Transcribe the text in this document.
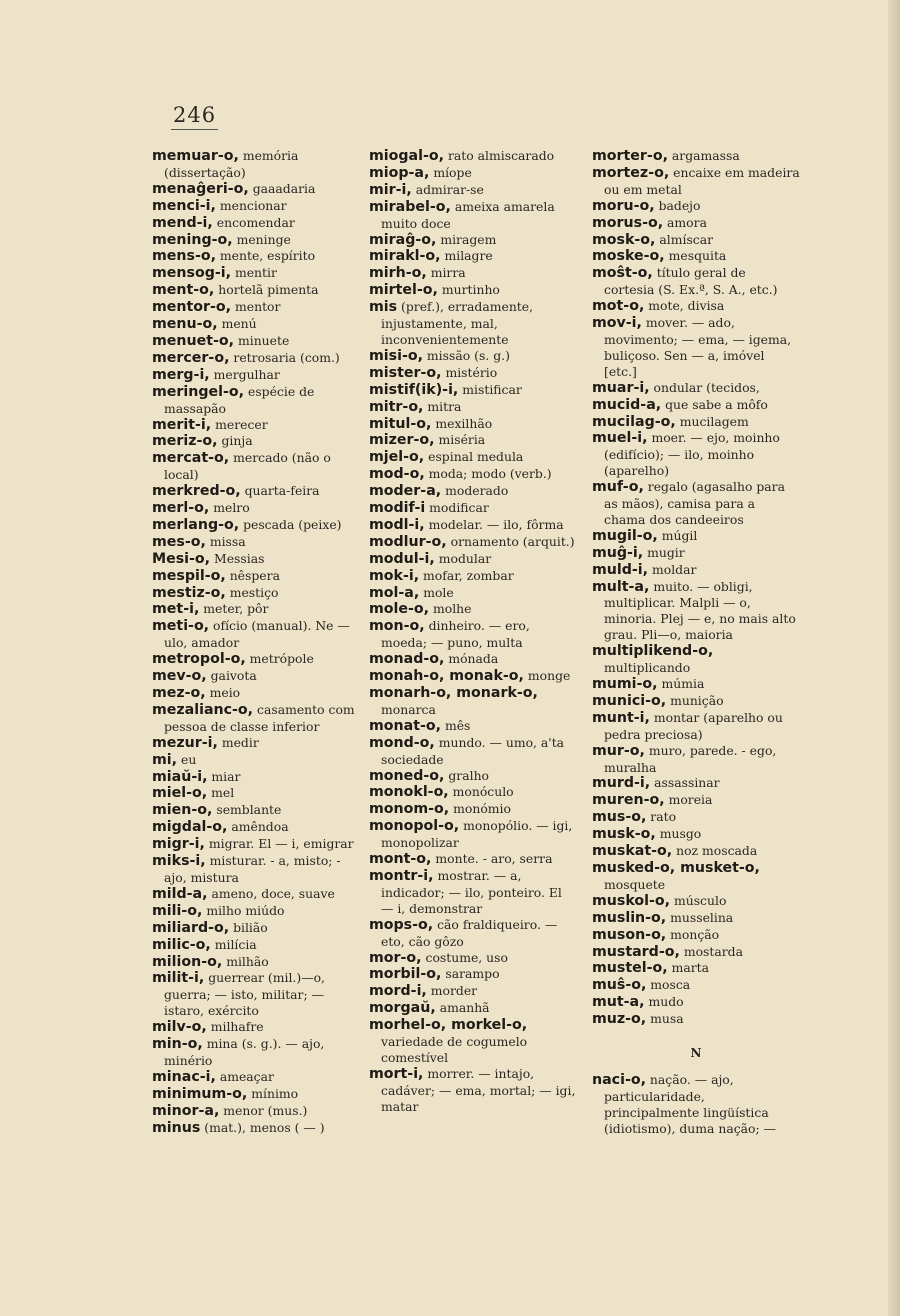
246

memuar-o, memória (dissertação)

menaĝeri-o, gaaadaria

menci-i, mencionar

mend-i, encomendar

mening-o, meninge

mens-o, mente, espírito

mensog-i, mentir

ment-o, hortelã pimenta

mentor-o, mentor

menu-o, menú

menuet-o, minuete

mercer-o, retrosaria (com.)

merg-i, mergulhar

meringel-o, espécie de massapão

merit-i, merecer

meriz-o, ginja

mercat-o, mercado (não o local)

merkred-o, quarta-feira

merl-o, melro

merlang-o, pescada (peixe)

mes-o, missa

Mesi-o, Messias

mespil-o, nêspera

mestiz-o, mestiço

met-i, meter, pôr

meti-o, ofício (manual). Ne — ulo, amador

metropol-o, metrópole

mev-o, gaivota

mez-o, meio

mezalianc-o, casamento com pessoa de classe inferior

mezur-i, medir

mi, eu

miaŭ-i, miar

miel-o, mel

mien-o, semblante

migdal-o, amêndoa

migr-i, migrar. El — i, emigrar

miks-i, misturar. - a, misto; - ajo, mistura

mild-a, ameno, doce, suave

mili-o, milho miúdo

miliard-o, bilião

milic-o, milícia

milion-o, milhão

milit-i, guerrear (mil.)—o, guerra; — isto, militar; — istaro, exército

milv-o, milhafre

min-o, mina (s. g.). — ajo, minério

minac-i, ameaçar

minimum-o, mínimo

minor-a, menor (mus.)

minus (mat.), menos ( — )

miogal-o, rato almiscarado

miop-a, míope

mir-i, admirar-se

mirabel-o, ameixa amarela muito doce

miraĝ-o, miragem

mirakl-o, milagre

mirh-o, mirra

mirtel-o, murtinho

mis (pref.), erradamente, injustamente, mal, inconvenientemente

misi-o, missão (s. g.)

mister-o, mistério

mistif(ik)-i, mistificar

mitr-o, mitra

mitul-o, mexilhão

mizer-o, miséria

mjel-o, espinal medula

mod-o, moda; modo (verb.)

moder-a, moderado

modif-i modificar

modl-i, modelar. — ilo, fôrma

modlur-o, ornamento (arquit.)

modul-i, modular

mok-i, mofar, zombar

mol-a, mole

mole-o, molhe

mon-o, dinheiro. — ero, moeda; — puno, multa

monad-o, mónada

monah-o, monak-o, monge

monarh-o, monark-o, monarca

monat-o, mês

mond-o, mundo. — umo, a'ta sociedade

moned-o, gralho

monokl-o, monóculo

monom-o, monómio

monopol-o, monopólio. — igi, monopolizar

mont-o, monte. - aro, serra

montr-i, mostrar. — a, indicador; — ilo, ponteiro. El — i, demonstrar

mops-o, cão fraldiqueiro. — eto, cão gôzo

mor-o, costume, uso

morbil-o, sarampo

mord-i, morder

morgaŭ, amanhã

morhel-o, morkel-o, variedade de cogumelo comestível

mort-i, morrer. — intajo, cadáver; — ema, mortal; — igi, matar

morter-o, argamassa

mortez-o, encaixe em madeira ou em metal

moru-o, badejo

morus-o, amora

mosk-o, almíscar

moske-o, mesquita

moŝt-o, título geral de cortesia (S. Ex.ª, S. A., etc.)

mot-o, mote, divisa

mov-i, mover. — ado, movimento; — ema, — igema, buliçoso. Sen — a, imóvel [etc.]

muar-i, ondular (tecidos,

mucid-a, que sabe a môfo

mucilag-o, mucilagem

muel-i, moer. — ejo, moinho (edifício); — ilo, moinho (aparelho)

muf-o, regalo (agasalho para as mãos), camisa para a chama dos candeeiros

mugil-o, múgil

muĝ-i, mugir

muld-i, moldar

mult-a, muito. — obligi, multiplicar. Malpli — o, minoria. Plej — e, no mais alto grau. Pli—o, maioria

multiplikend-o, multiplicando

mumi-o, múmia

munici-o, munição

munt-i, montar (aparelho ou pedra preciosa)

mur-o, muro, parede. - ego, muralha

murd-i, assassinar

muren-o, moreia

mus-o, rato

musk-o, musgo

muskat-o, noz moscada

musked-o, musket-o, mosquete

muskol-o, músculo

muslin-o, musselina

muson-o, monção

mustard-o, mostarda

mustel-o, marta

muŝ-o, mosca

mut-a, mudo

muz-o, musa

N

naci-o, nação. — ajo, particularidade, principalmente lingüística (idiotismo), duma nação; —
